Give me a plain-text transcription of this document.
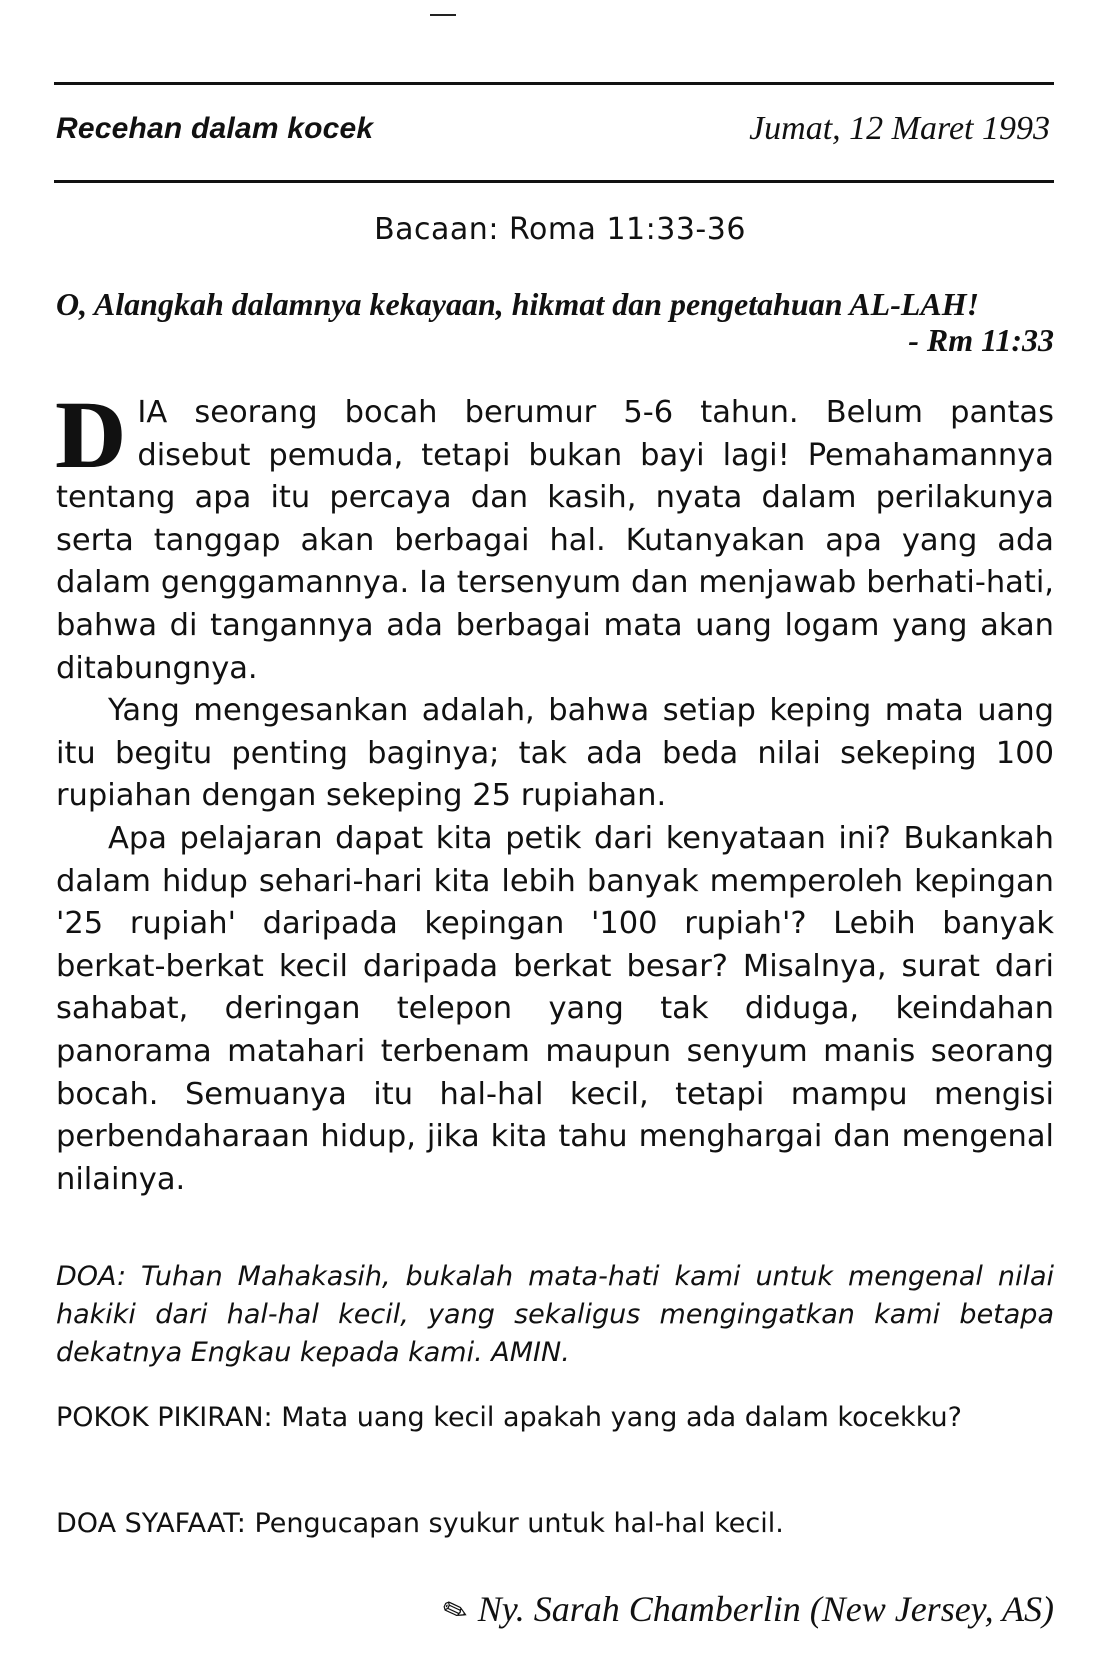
Recehan dalam kocek	Jumat, 12 Maret 1993
Bacaan: Roma 11:33-36
O, Alangkah dalamnya kekayaan, hikmat dan pengetahuan AL-LAH!
- Rm 11:33

DIA seorang bocah berumur 5-6 tahun. Belum pantas disebut pemuda, tetapi bukan bayi lagi! Pemahamannya tentang apa itu percaya dan kasih, nyata dalam perilakunya serta tanggap akan berbagai hal. Kutanyakan apa yang ada dalam genggamannya. Ia tersenyum dan menjawab berhati-hati, bahwa di tangannya ada berbagai mata uang logam yang akan ditabungnya.

Yang mengesankan adalah, bahwa setiap keping mata uang itu begitu penting baginya; tak ada beda nilai sekeping 100 rupiahan dengan sekeping 25 rupiahan.

Apa pelajaran dapat kita petik dari kenyataan ini? Bukankah dalam hidup sehari-hari kita lebih banyak memperoleh kepingan '25 rupiah' daripada kepingan '100 rupiah'? Lebih banyak berkat-berkat kecil daripada berkat besar? Misalnya, surat dari sahabat, deringan telepon yang tak diduga, keindahan panorama matahari terbenam maupun senyum manis seorang bocah. Semuanya itu hal-hal kecil, tetapi mampu mengisi perbendaharaan hidup, jika kita tahu menghargai dan mengenal nilainya.

DOA: Tuhan Mahakasih, bukalah mata-hati kami untuk mengenal nilai hakiki dari hal-hal kecil, yang sekaligus mengingatkan kami betapa dekatnya Engkau kepada kami. AMIN.
POKOK PIKIRAN: Mata uang kecil apakah yang ada dalam kocekku?
DOA SYAFAAT: Pengucapan syukur untuk hal-hal kecil.
✎ Ny. Sarah Chamberlin (New Jersey, AS)
